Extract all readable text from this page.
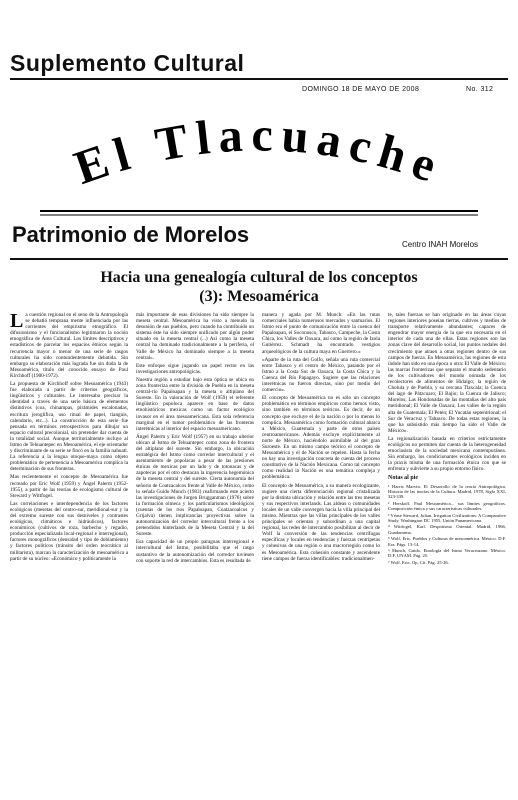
Suplemento Cultural
DOMINGO 18 DE MAYO DE 2008	No. 312
El Tlacuache
Patrimonio de Morelos	Centro INAH Morelos
Hacia una genealogía cultural de los conceptos
(3): Mesoamérica

La cuestión regional en el seno de la Antropología se debatió temprana mente influenciada por las corrientes del empirismo etnográfico. El difusionismo y el funcionalismo legitimaron la noción etnográfica de Área Cultural. Los límites descriptivos y estadísticos de parcelar los espacios étnicos según la recurrencia mayor o menor de una serie de rasgos culturales ha sido contundentemente debatida. Sin embargo su elaboración más lograda fue sin duda la de Mesoamérica, título del conocido ensayo de Paul Kirchhoff (1900-1972).

La propuesta de Kirchhoff sobre Mesoamérica (1943) fue elaborada a partir de criterios geográficos, lingüísticos y culturales. Le interesaba precisar la identidad a través de una serie básica de elementos distintivos (coa, chinampas, pirámides escalonadas, escritura jeroglífica, uso ritual de papel, tianguis, calendario, etc...). La construcción de esta serie fue pensada en términos retrospectivos para dibujar un espacio cultural precolonial, sin pretender dar cuenta de la totalidad social. Aunque territorialmente incluye al Istmo de Tehuantepec en Mesoamérica, el eje orientador y discriminante de su serie se fincó en la familia nahuatl. La referencia a la lengua otoque-maya como objeto problemático de pertenencia a Mesoamérica complica la determinación de sus fronteras.

Mas recientemente el concepto de Mesoamérica fue recreado por Eric Wolf (1959) y Ángel Palerm (1952-1955), a partir de las teorías de ecologismo cultural de Steward y Wittfogel.

Las correlaciones e interdependencia de los factores ecológicos (mesetas del centro-sur, meridional-sur y la del extremo sureste con sus desniveles y contrastes ecológicos, climáticos e hidráulicos), factores económicos (cultivos de roza, barbecho y regadío, producción especializada local-regional e interregional), factores monográficos (densidad y tipo de doblamiento) y factores políticos (tránsito del orden teocrático al militarista), marcan la caracterización de mesoamérica a partir de su núcleo: «Económico y políticamente la

más importante de esas divisiones ha sido siempre la meseta central. Mesoamérica ha visto a menudo la desunión de sus pueblos, pero cuando ha contribuido un sistema éste ha sido siempre unificado por algún poder situado en la meseta central (...) Así como la meseta central ha dominado tradicionalmente a la periferia, el Valle de México ha dominado siempre a la meseta central».

Este enfoque sigue jugando un papel rector en las investigaciones antropológicas.

Nuestra región a estudiar bajo esta óptica se ubica en zona fronteriza entre la división de Puebla en la meseta central-río Papaloapan y la meseta o altiplano del Sureste. En la valoración de Wolf (1959) el referente lingüístico popoloca aparece en base de datos etnohistóricos mexicas como un factor ecológico invasor en el área mesoamericana. Esta sola referencia marginal en el tumor problemático de las fronteras interétnicas al interior del espacio mesoamericano.

Ángel Palerm y Eric Wolf (1957) en su trabajo ulterior ubican al Istmo de Tehuantepec como zona de frontera del altiplano del sureste. Sin embargo, la ubicación estratégica del Istmo como corredor intercultural y el asentamiento de popolacas a pesar de las presiones étnicas de mexicas por un lado y de totonacas y de zapotecas por el otro destacan la ingerencia hegemónica de la meseta central y del sureste. Cierta autonomía del señorío de Coatzacalcos frente al Valle de México, como lo señala Guido Munch (1983) reafirmando este acierto las investigaciones de Jurgen Brugganman (1976) sobre la formación olmeca y los particularismos ideológicos (cuentas de los ríos Papaloapan, Coatzacoalcos y Grijalva) tienen implicancias proyectivas sobre la autonomización del corredor intercultural frente a los pretendidos hinterlands de la Meseta Central y la del Sureste.

Esa capacidad de un propio paraguas interregional e intercultural del Istmo, posibilitaba que el rasgo sustantivo de la autonomización del corredor tuviesen con soporte la red de intercambios. Esta es resultada de

manera y agada por M. Munch: «En las rutas comerciales había numerosos mercados y santuarios. El Istmo era el punto de comunicación entre la cuenca del Papaloapan, el Soconusco, Tabasco, Campeche, la Costa Chica, los Valles de Oaxaca, así como la región de Izola Gutiérrez. Schmadt ha encontrado vestigios arqueológicos de la cultura maya en Guerrero.»

«Aparte de la ruta del Golfo, señala una ruta comercial entre Tabasco y el centro de México, pasando por el Istmo a la Costa Sur de Oaxaca, la Costa Chica y la Cuenca del Río Papagayo. Sugiere que las relaciones interétnicas no fueron directas, sino por medio del comercio».

El concepto de Mesoamérica no es sólo un concepto problemático en términos empíricos como hemos visto, sino también en términos teóricos. Es decir, de un concepto que excluye el de la nación o por lo menos lo complica. Mesoamérica como formación cultural abarca a México, Guatemala y parte de otros países centroamericanos. Además excluye explícitamente al norte de México, haciéndolo asimilable al del gran Suroeste. En un mismo campo teórico el concepto de Mesoamérica y el de Nación se repelen. Hasta la fecha no hay una investigación concreta de cuenta del proceso constitutivo de la Nación Mexicana. Como tal concepto como realidad la Nación es una temática compleja y problemática.

El concepto de Mesoamérica, a su manera ecologizante, sugiere una cierta diferenciación regional cristalizada por la distinta ubicación y relación entre las tres mesetas y sus respectivos interlands. Las aldeas o comunidades locales de un valle convergen hacia la villa principal del mismo. Mientras que las villas principales de los valles principales se orientan y subordinan a una capital regional, las redes de intercambio posibilitan al decir de Wolf la conversión de las tendencias centrífugas específicas y locales en tendencias y fuerzas centrípetas y cohesivas de una región o una macrorregión como lo es Mesoamérica. Esta cohesión constante y ascendente tiene campos de fuerza identificables: tradicionalmen-

te, tales fuerzas se han originado en las áreas cuyas regiones interiores poseían tierras, cultivos y medios de transporte relativamente abundantes; capaces de engendrar mayor energía de la que era necesaria en el interior de cada una de ellas. Estas regiones son las zonas clave del desarrollo social, los puntos nodales del crecimiento que atraen a otras regiones dentro de sus campos de fuerza. En Mesoamérica, las regiones de esta índole han sido en una época u otra: El Valle de México; las marcas fronterizas que separan el mundo sedentario de los cultivadores del mundo nómada de los recolectores de alimentos de Hidalgo; la región de Cholula y de Puebla, y su cercana Tlaxcala; la Cuenca del lago de Pátzcuaro; El Bajío; la Cuenca de Jalisco; Morelos; Las Hondonadas de las montañas del alto país meridional; El Valle de Oaxaca; Los valles de la región alta de Guatemala; El Petén; El Yucatán septentrional; el Sur de Veracruz y Tabasco. De todas estas regiones, la que ha subsistido más tiempo ha sido el Valle de México».

La regionalización basada en criterios estrictamente ecológicos no permiten dar cuenta de la heterogeneidad etnoclasista de la sociedad mexicana contemporánea. Sin embargo, los condicionantes ecológicos inciden en la praxis misma de una formación étnica con que se enfrenta y subvierte a su propio entorno físico.

Notas al pie
¹ Harris Marvin. El Desarrollo de la teoría Antropológica. Historia de las teorías de la Cultura. Madrid, 1978, Siglo XXI, 323-339.
² Herskoff, Paul Mesoamérica... sus límites geográficos. Composición étnica y sus características culturales.
³ Véase Steward, Julian. Irrigation Civilizations: A Comparative Study. Washington DC 1955, Unión Panamericana.
⁴ Wittfogel, Karl. Despotismo Oriental. Madrid, 1966, Guadarrama.
⁵ Wolf, Eric. Pueblos y Culturas de mesoamérica. México. D.F. Era. Págs. 13-14.
⁶ Munch, Guido. Etnología del Istmo Veracruzano. México. D.F. UNAM. Pág. 25.
⁷ Wolf. Eric, Op. Cit. Pág. 25-26.
